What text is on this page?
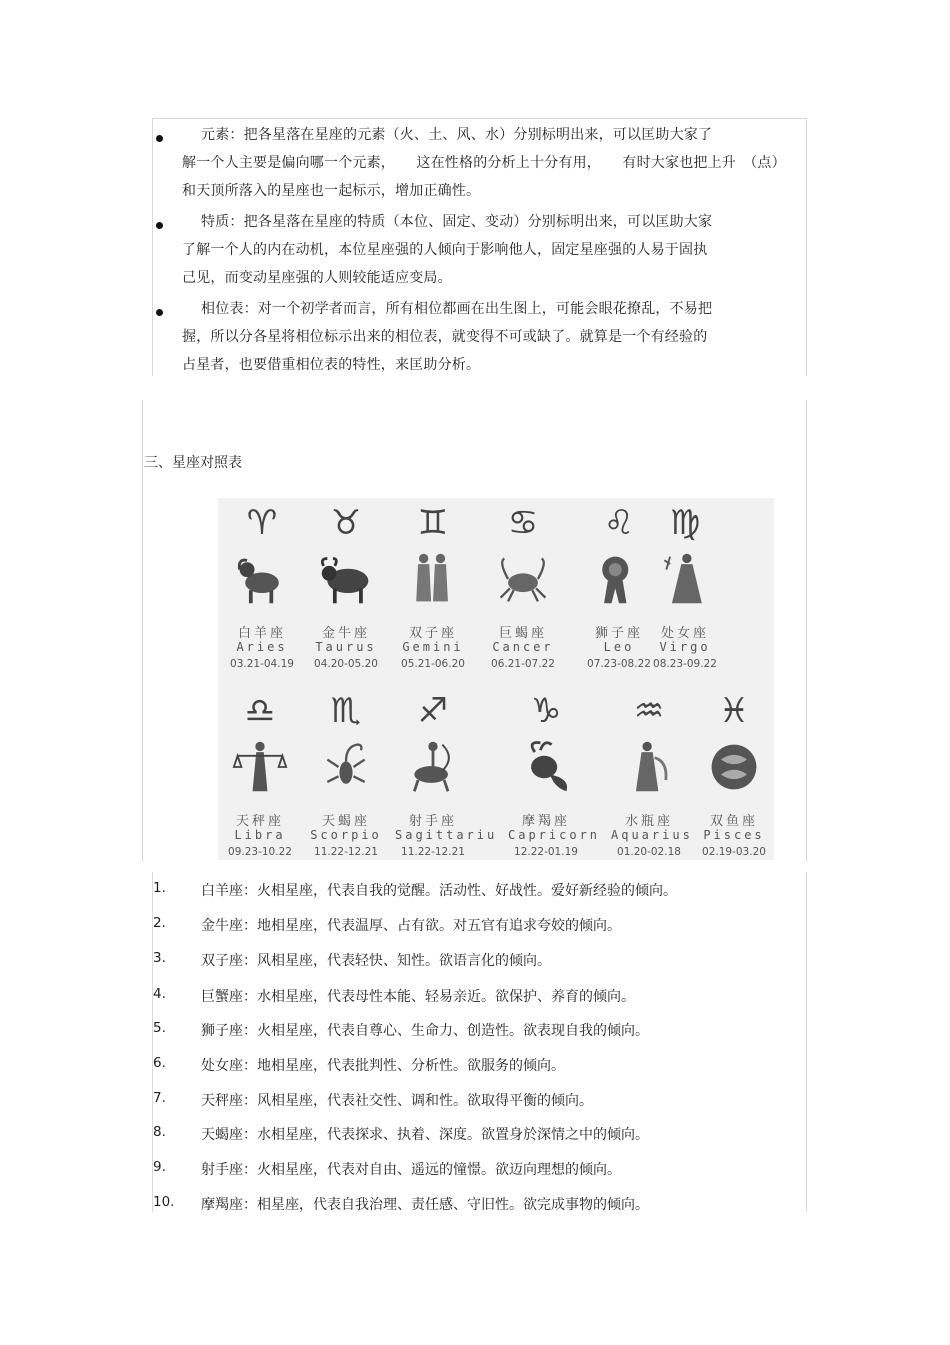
元素：把各星落在星座的元素（火、土、风、水）分别标明出来，可以匡助大家了
解一个人主要是偏向哪一个元素，　　这在性格的分析上十分有用，　　有时大家也把上升　（点）
和天顶所落入的星座也一起标示，增加正确性。
特质：把各星落在星座的特质（本位、固定、变动）分别标明出来，可以匡助大家
了解一个人的内在动机，本位星座强的人倾向于影响他人，固定星座强的人易于固执
己见，而变动星座强的人则较能适应变局。
相位表：对一个初学者而言，所有相位都画在出生图上，可能会眼花撩乱，不易把
握，所以分各星将相位标示出来的相位表，就变得不可或缺了。就算是一个有经验的
占星者，也要借重相位表的特性，来匡助分析。
三、星座对照表
♈
白羊座
Aries
03.21-04.19
♉
金牛座
Taurus
04.20-05.20
♊
双子座
Gemini
05.21-06.20
♋
巨蝎座
Cancer
06.21-07.22
♌
狮子座
Leo
07.23-08.22
♍
处女座
Virgo
08.23-09.22
♎
天秤座
Libra
09.23-10.22
♏
天蝎座
Scorpio
11.22-12.21
♐
射手座
Sagittariu
11.22-12.21
♑
摩羯座
Capricorn
12.22-01.19
♒
水瓶座
Aquarius
01.20-02.18
♓
双鱼座
Pisces
02.19-03.20
1.	白羊座：火相星座，代表自我的觉醒。活动性、好战性。爱好新经验的倾向。
2.	金牛座：地相星座，代表温厚、占有欲。对五官有追求夸姣的倾向。
3.	双子座：风相星座，代表轻快、知性。欲语言化的倾向。
4.	巨蟹座：水相星座，代表母性本能、轻易亲近。欲保护、养育的倾向。
5.	狮子座：火相星座，代表自尊心、生命力、创造性。欲表现自我的倾向。
6.	处女座：地相星座，代表批判性、分析性。欲服务的倾向。
7.	天秤座：风相星座，代表社交性、调和性。欲取得平衡的倾向。
8.	天蝎座：水相星座，代表探求、执着、深度。欲置身於深情之中的倾向。
9.	射手座：火相星座，代表对自由、遥远的憧憬。欲迈向理想的倾向。
10. 摩羯座：相星座，代表自我治理、责任感、守旧性。欲完成事物的倾向。
